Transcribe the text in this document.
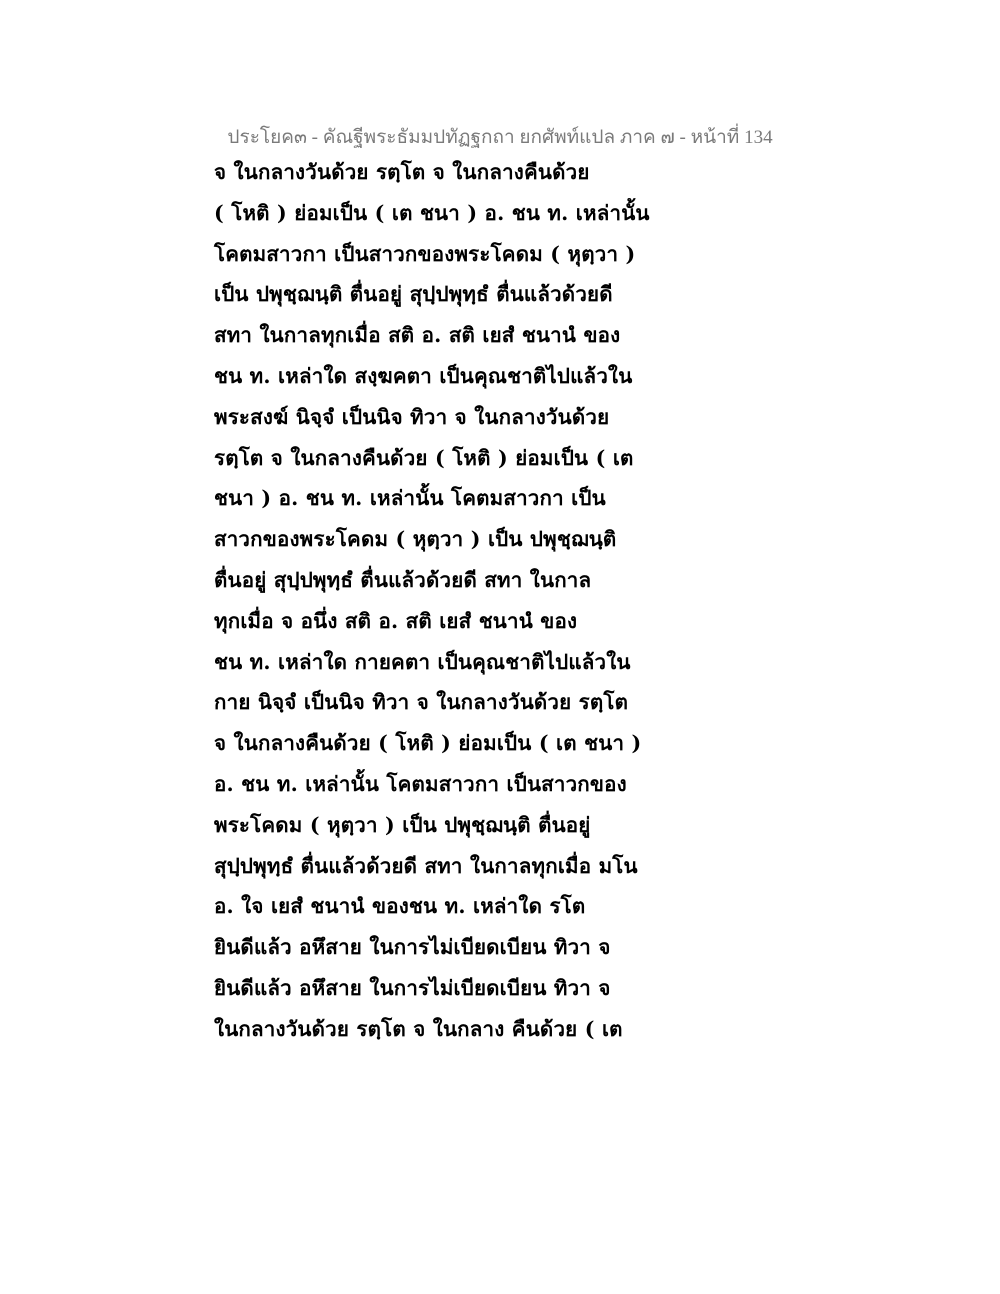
ประโยค๓ - คัณฐีพระธัมมปทัฏฐกถา ยกศัพท์แปล ภาค ๗ - หน้าที่ 134
จ ในกลางวันด้วย รตฺโต จ ในกลางคืนด้วย
( โหติ ) ย่อมเป็น ( เต ชนา ) อ. ชน ท. เหล่านั้น
โคตมสาวกา เป็นสาวกของพระโคดม ( หุตฺวา )
เป็น ปพุชฺฌนฺติ ตื่นอยู่ สุปฺปพุทฺธํ ตื่นแล้วด้วยดี
สทา ในกาลทุกเมื่อ สติ อ. สติ เยสํ ชนานํ ของ
ชน ท. เหล่าใด สงฺฆคตา เป็นคุณชาติไปแล้วใน
พระสงฆ์ นิจฺจํ เป็นนิจ ทิวา จ ในกลางวันด้วย
รตฺโต จ ในกลางคืนด้วย ( โหติ ) ย่อมเป็น ( เต
ชนา ) อ. ชน ท. เหล่านั้น โคตมสาวกา เป็น
สาวกของพระโคดม ( หุตฺวา ) เป็น ปพุชฺฌนฺติ
ตื่นอยู่ สุปฺปพุทฺธํ ตื่นแล้วด้วยดี สทา ในกาล
ทุกเมื่อ จ อนึ่ง สติ อ. สติ เยสํ ชนานํ ของ
ชน ท. เหล่าใด กายคตา เป็นคุณชาติไปแล้วใน
กาย นิจฺจํ เป็นนิจ ทิวา จ ในกลางวันด้วย รตฺโต
จ ในกลางคืนด้วย ( โหติ ) ย่อมเป็น ( เต ชนา )
อ. ชน ท. เหล่านั้น โคตมสาวกา เป็นสาวกของ
พระโคดม ( หุตฺวา ) เป็น ปพุชฺฌนฺติ ตื่นอยู่
สุปฺปพุทฺธํ ตื่นแล้วด้วยดี สทา ในกาลทุกเมื่อ มโน
อ. ใจ เยสํ ชนานํ ของชน ท. เหล่าใด รโต
ยินดีแล้ว อหึสาย ในการไม่เบียดเบียน ทิวา จ
ยินดีแล้ว อหึสาย ในการไม่เบียดเบียน ทิวา จ
ในกลางวันด้วย รตฺโต จ ในกลาง คืนด้วย ( เต
